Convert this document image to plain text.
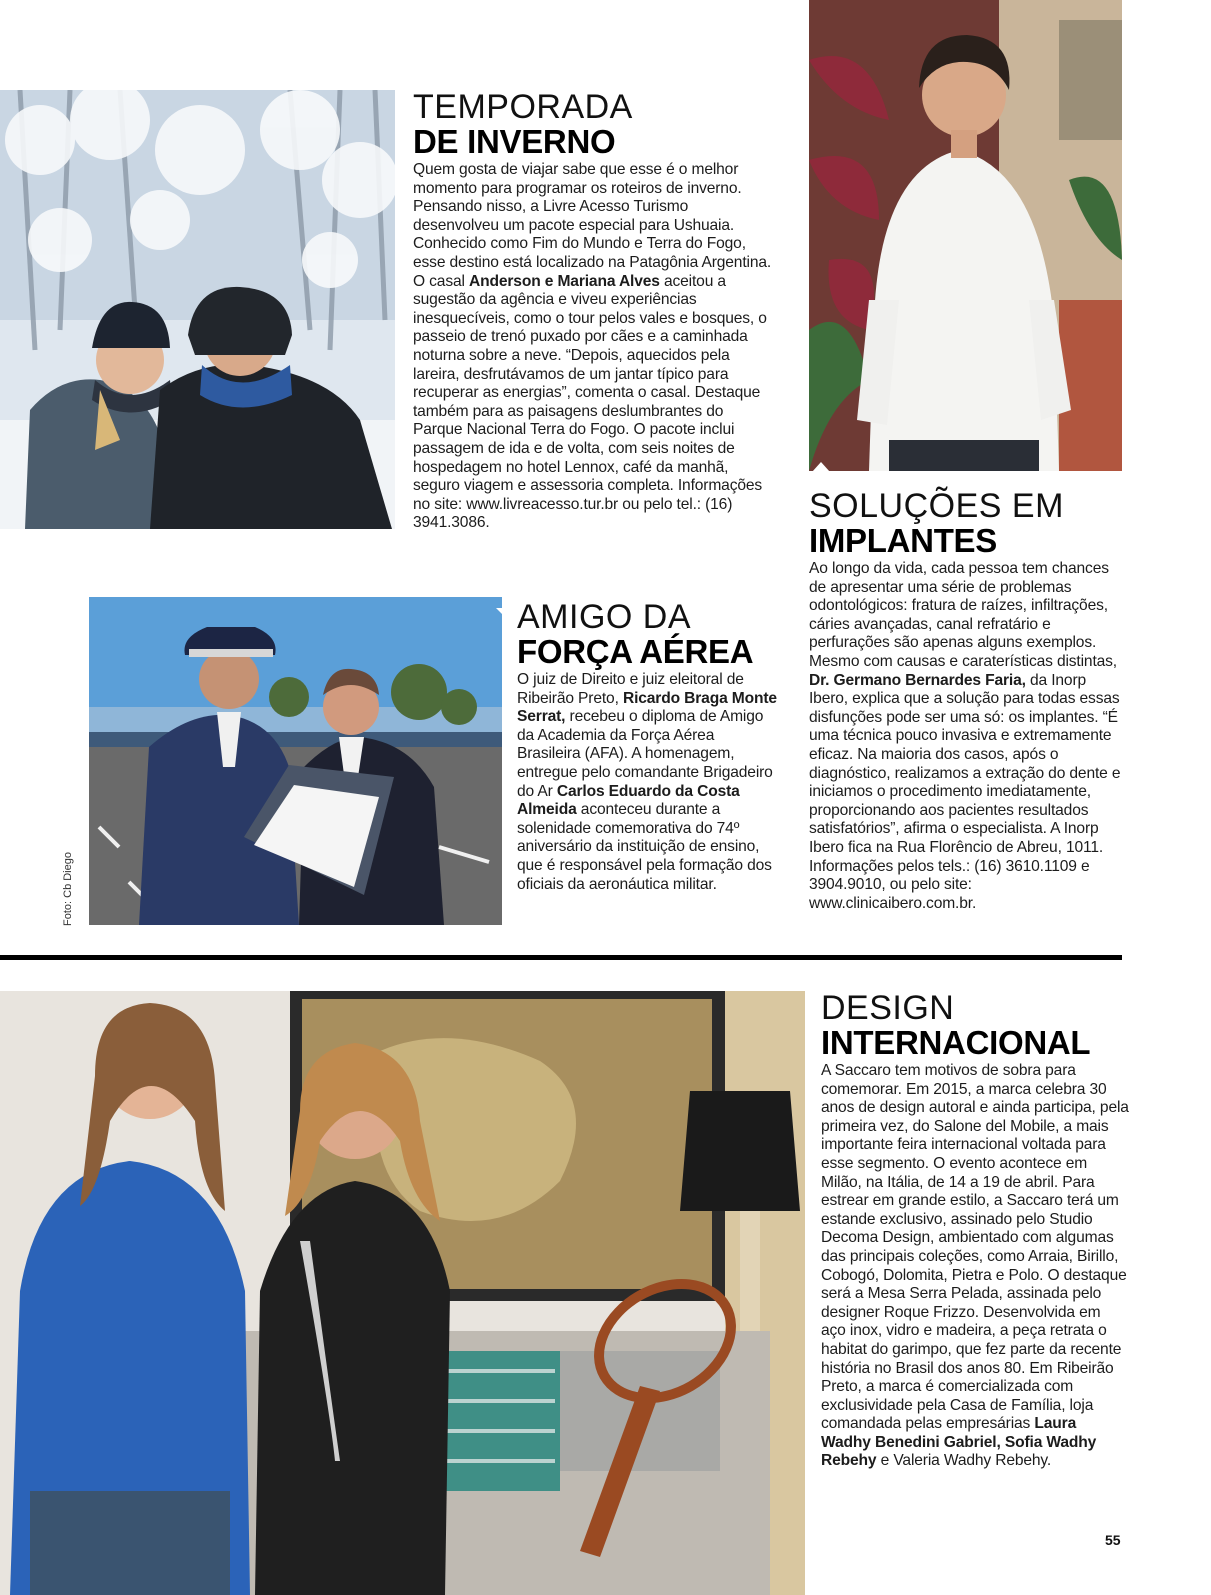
TEMPORADA
DE INVERNO

Quem gosta de viajar sabe que esse é o melhor momento para programar os roteiros de inverno. Pensando nisso, a Livre Acesso Turismo desenvolveu um pacote especial para Ushuaia. Conhecido como Fim do Mundo e Terra do Fogo, esse destino está localizado na Patagônia Argentina. O casal Anderson e Mariana Alves aceitou a sugestão da agência e viveu experiências inesquecíveis, como o tour pelos vales e bosques, o passeio de trenó puxado por cães e a caminhada noturna sobre a neve. “Depois, aquecidos pela lareira, desfrutávamos de um jantar típico para recuperar as energias”, comenta o casal. Destaque também para as paisagens deslumbrantes do Parque Nacional Terra do Fogo. O pacote inclui passagem de ida e de volta, com seis noites de hospedagem no hotel Lennox, café da manhã, seguro viagem e assessoria completa. Informações no site: www.livreacesso.tur.br ou pelo tel.: (16) 3941.3086.	SOLUÇÕES EM
IMPLANTES

Ao longo da vida, cada pessoa tem chances de apresentar uma série de problemas odontológicos: fratura de raízes, infiltrações, cáries avançadas, canal refratário e perfurações são apenas alguns exemplos. Mesmo com causas e caraterísticas distintas, Dr. Germano Bernardes Faria, da Inorp Ibero, explica que a solução para todas essas disfunções pode ser uma só: os implantes. “É uma técnica pouco invasiva e extremamente eficaz. Na maioria dos casos, após o diagnóstico, realizamos a extração do dente e iniciamos o procedimento imediatamente, proporcionando aos pacientes resultados satisfatórios”, afirma o especialista. A Inorp Ibero fica na Rua Florêncio de Abreu, 1011. Informações pelos tels.: (16) 3610.1109 e 3904.9010, ou pelo site: www.clinicaibero.com.br.

Foto: Cb Diego
AMIGO DA
FORÇA AÉREA

O juiz de Direito e juiz eleitoral de Ribeirão Preto, Ricardo Braga Monte Serrat, recebeu o diploma de Amigo da Academia da Força Aérea Brasileira (AFA). A homenagem, entregue pelo comandante Brigadeiro do Ar Carlos Eduardo da Costa Almeida aconteceu durante a solenidade comemorativa do 74º aniversário da instituição de ensino, que é responsável pela formação dos oficiais da aeronáutica militar.

DESIGN
INTERNACIONAL

A Saccaro tem motivos de sobra para comemorar. Em 2015, a marca celebra 30 anos de design autoral e ainda participa, pela primeira vez, do Salone del Mobile, a mais importante feira internacional voltada para esse segmento. O evento acontece em Milão, na Itália, de 14 a 19 de abril. Para estrear em grande estilo, a Saccaro terá um estande exclusivo, assinado pelo Studio Decoma Design, ambientado com algumas das principais coleções, como Arraia, Birillo, Cobogó, Dolomita, Pietra e Polo. O destaque será a Mesa Serra Pelada, assinada pelo designer Roque Frizzo. Desenvolvida em aço inox, vidro e madeira, a peça retrata o habitat do garimpo, que fez parte da recente história no Brasil dos anos 80. Em Ribeirão Preto, a marca é comercializada com exclusividade pela Casa de Família, loja comandada pelas empresárias Laura Wadhy Benedini Gabriel, Sofia Wadhy Rebehy e Valeria Wadhy Rebehy.

55
